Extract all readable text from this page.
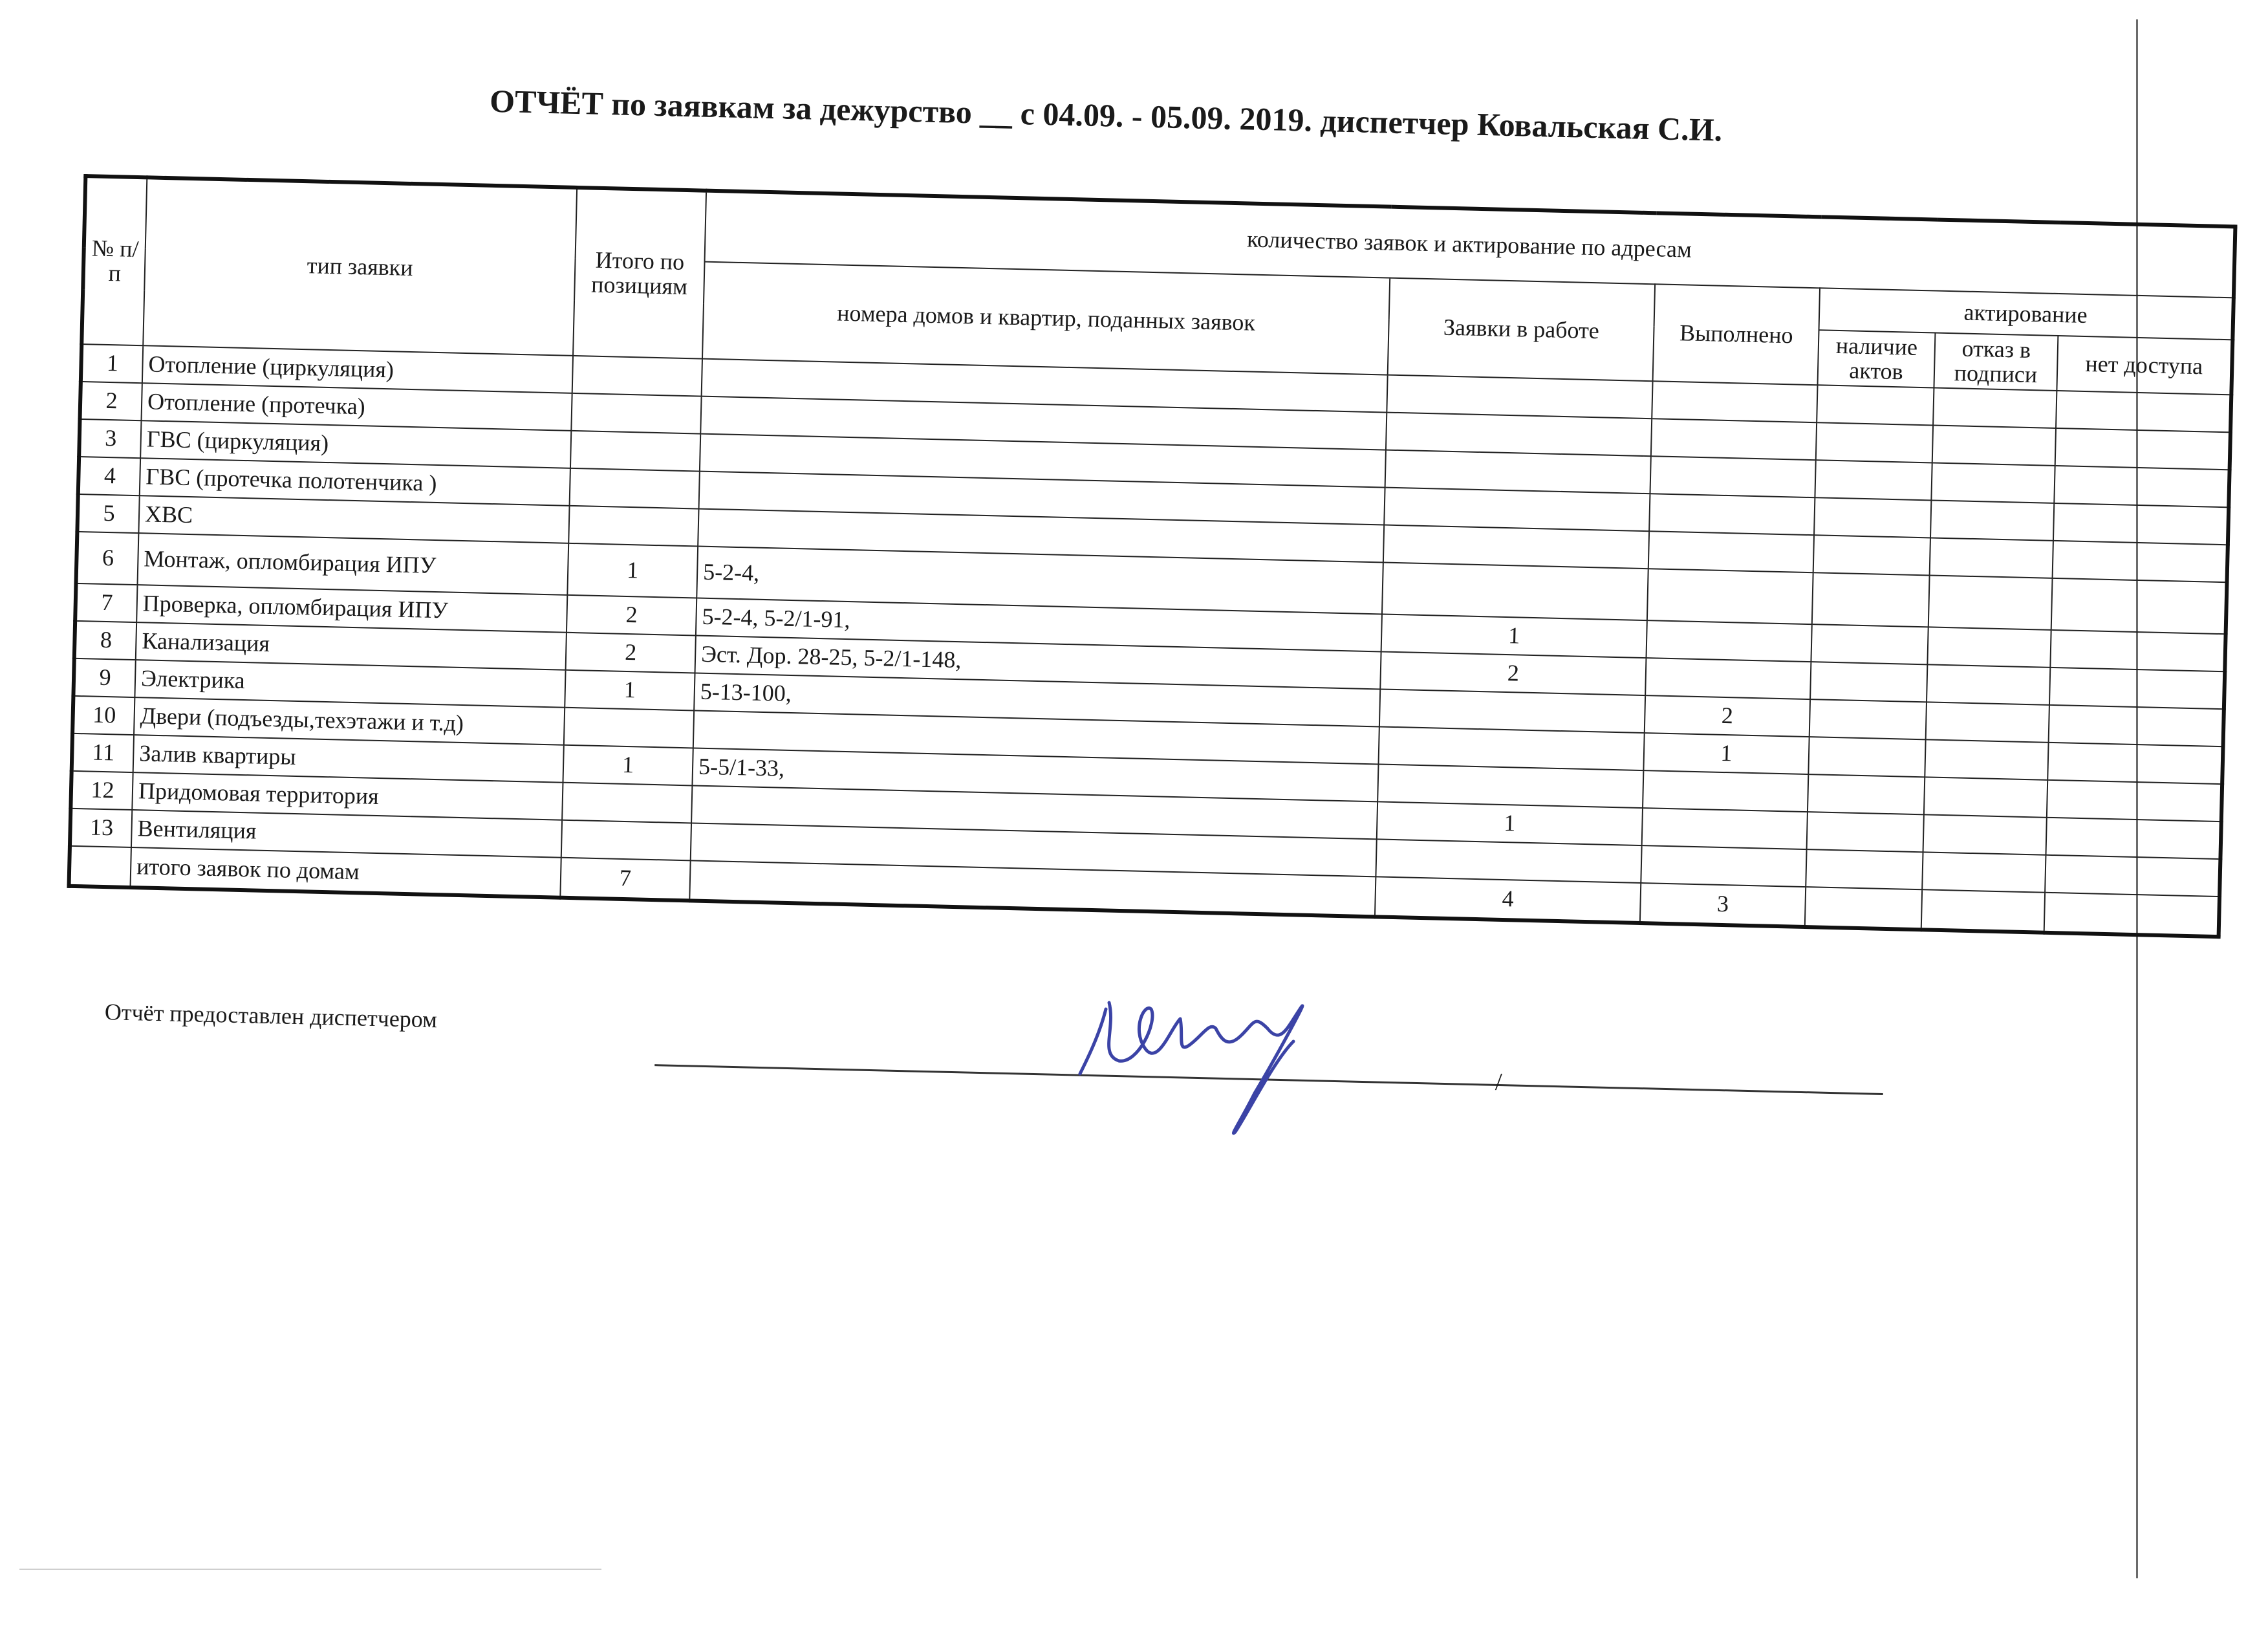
ОТЧЁТ по заявкам за дежурство __ с 04.09. - 05.09. 2019. диспетчер Ковальская С.И.
№ п/п	тип заявки	Итого по позициям	количество заявок и актирование по адресам					
			номера домов и квартир, поданных заявок	Заявки в работе	Выполнено	актирование		
						наличие актов	отказ в подписи	нет доступа
1	Отопление (циркуляция)							
2	Отопление (протечка)							
3	ГВС (циркуляция)							
4	ГВС (протечка полотенчика )							
5	ХВС							
6	Монтаж, опломбирация ИПУ	1	5-2-4,					
7	Проверка, опломбирация ИПУ	2	5-2-4, 5-2/1-91,	1				
8	Канализация	2	Эст. Дор. 28-25, 5-2/1-148,	2				
9	Электрика	1	5-13-100,		2			
10	Двери (подъезды,техэтажи и т.д)				1			
11	Залив квартиры	1	5-5/1-33,					
12	Придомовая территория			1				
13	Вентиляция							
	итого заявок по домам	7		4	3			
Отчёт предоставлен диспетчером
/
